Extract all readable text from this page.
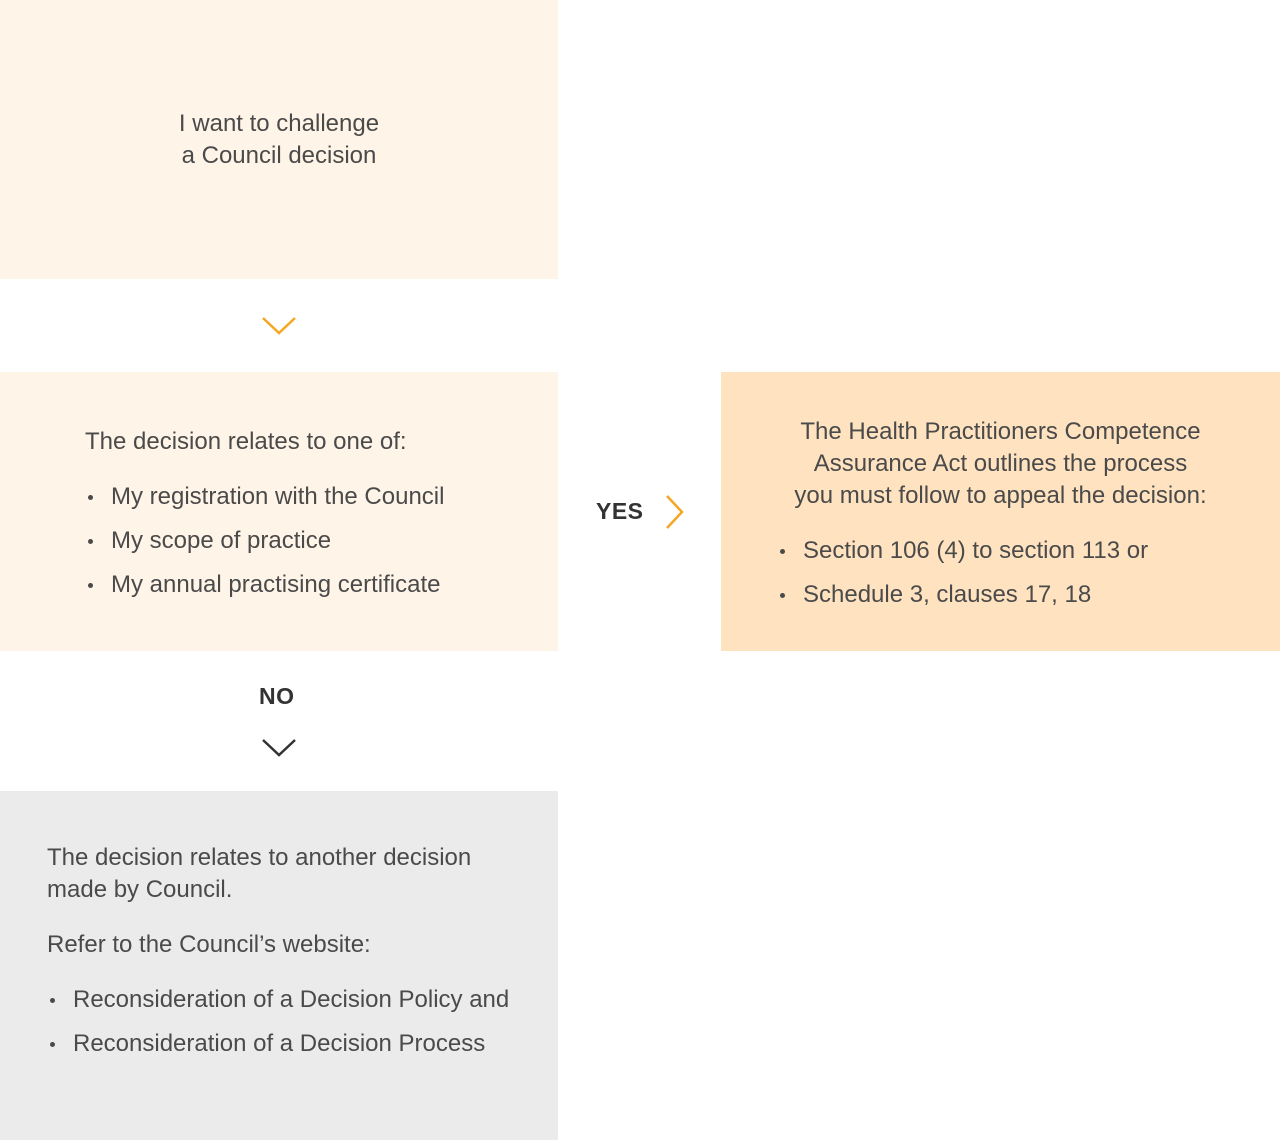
I want to challenge
a Council decision

The decision relates to one of:

My registration with the Council
My scope of practice
My annual practising certificate
YES
The Health Practitioners Competence
Assurance Act outlines the process
you must follow to appeal the decision:
Section 106 (4) to section 113 or
Schedule 3, clauses 17, 18
NO

The decision relates to another decision made by Council.

Refer to the Council’s website:

Reconsideration of a Decision Policy and
Reconsideration of a Decision Process
